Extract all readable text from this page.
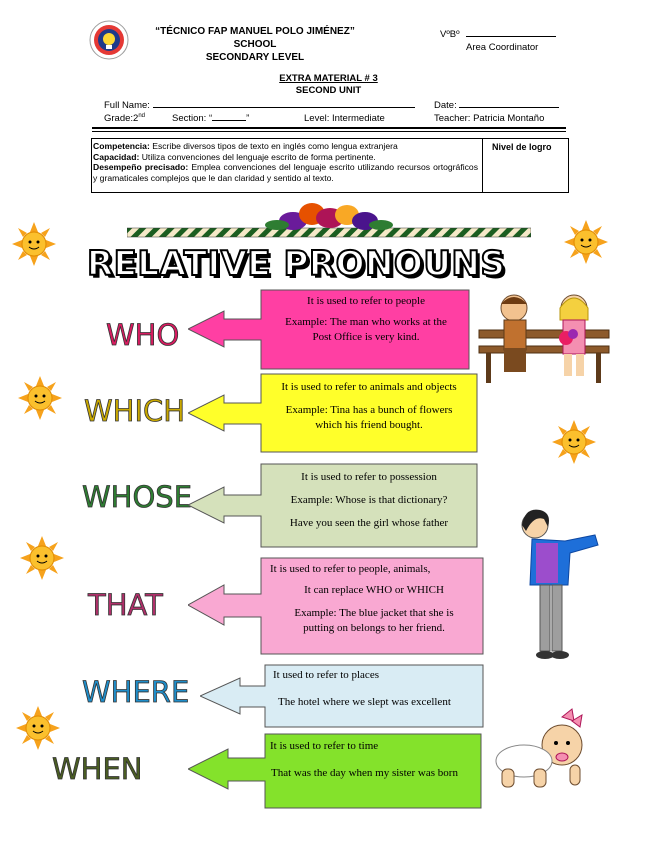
“TÉCNICO FAP MANUEL POLO JIMÉNEZ” SCHOOL
SECONDARY LEVEL
VºBº
Area Coordinator
EXTRA MATERIAL # 3
SECOND UNIT
Full Name:	Date:
Grade:2nd	Section: “	”	Level: Intermediate	Teacher: Patricia Montaño
Competencia: Escribe diversos tipos de texto en inglés como lengua extranjera
Capacidad: Utiliza convenciones del lenguaje escrito de forma pertinente.
Desempeño precisado: Emplea convenciones del lenguaje escrito utilizando recursos ortográficos y gramaticales complejos que le dan claridad y sentido al texto.
Nivel de logro
RELATIVE PRONOUNS
WHO
WHICH
WHOSE
THAT
WHERE
WHEN
It is used to refer to people
Example: The man who works at the
Post Office is very kind.
It is used to refer to animals and objects
Example: Tina has a bunch of flowers
which his friend bought.
It is used to refer to possession
Example: Whose is that dictionary?
Have you seen the girl whose father
It is used to refer to people, animals,
It can replace WHO or WHICH
Example: The blue jacket that she is
putting on belongs to her friend.
It used to refer to places
The hotel where we slept was excellent
It is used to refer to time
That was the day when my sister was born
